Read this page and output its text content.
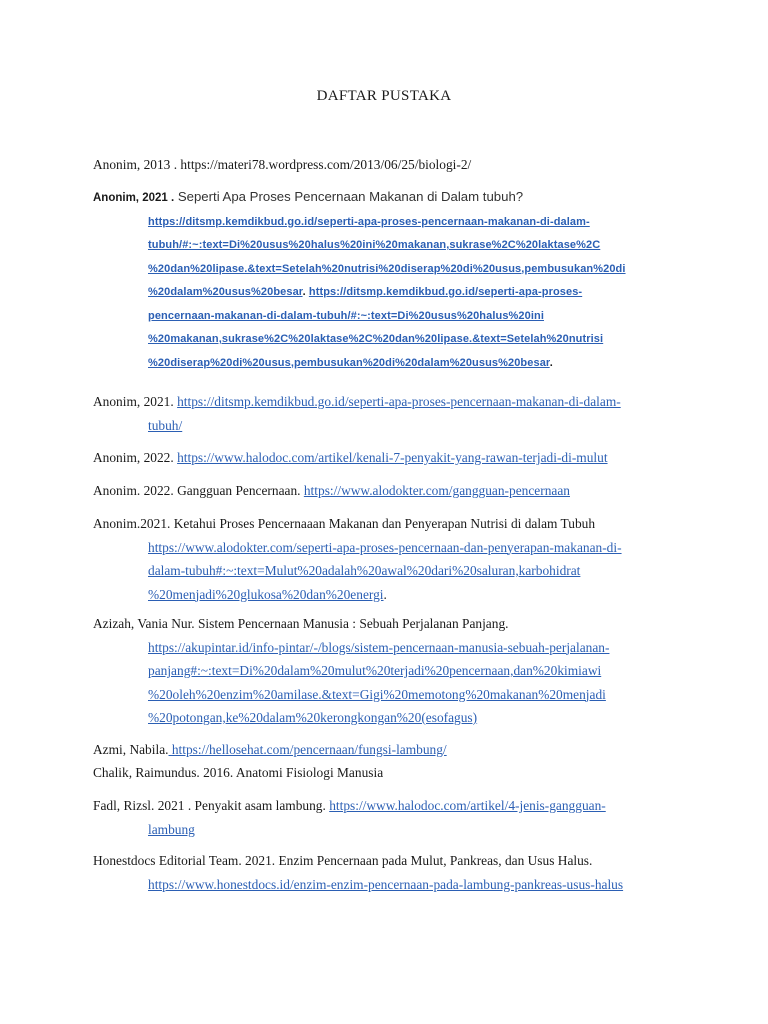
DAFTAR PUSTAKA
Anonim, 2013 . https://materi78.wordpress.com/2013/06/25/biologi-2/
Anonim, 2021 . Seperti Apa Proses Pencernaan Makanan di Dalam tubuh?
https://ditsmp.kemdikbud.go.id/seperti-apa-proses-pencernaan-makanan-di-dalam-
tubuh/#:~:text=Di%20usus%20halus%20ini%20makanan,sukrase%2C%20laktase%2C
%20dan%20lipase.&text=Setelah%20nutrisi%20diserap%20di%20usus,pembusukan%20di
%20dalam%20usus%20besar. https://ditsmp.kemdikbud.go.id/seperti-apa-proses-
pencernaan-makanan-di-dalam-tubuh/#:~:text=Di%20usus%20halus%20ini
%20makanan,sukrase%2C%20laktase%2C%20dan%20lipase.&text=Setelah%20nutrisi
%20diserap%20di%20usus,pembusukan%20di%20dalam%20usus%20besar.
Anonim, 2021. https://ditsmp.kemdikbud.go.id/seperti-apa-proses-pencernaan-makanan-di-dalam-
tubuh/
Anonim, 2022. https://www.halodoc.com/artikel/kenali-7-penyakit-yang-rawan-terjadi-di-mulut
Anonim. 2022. Gangguan Pencernaan. https://www.alodokter.com/gangguan-pencernaan
Anonim.2021. Ketahui Proses Pencernaaan Makanan dan Penyerapan Nutrisi di dalam Tubuh
https://www.alodokter.com/seperti-apa-proses-pencernaan-dan-penyerapan-makanan-di-
dalam-tubuh#:~:text=Mulut%20adalah%20awal%20dari%20saluran,karbohidrat
%20menjadi%20glukosa%20dan%20energi.
Azizah, Vania Nur. Sistem Pencernaan Manusia : Sebuah Perjalanan Panjang.
https://akupintar.id/info-pintar/-/blogs/sistem-pencernaan-manusia-sebuah-perjalanan-
panjang#:~:text=Di%20dalam%20mulut%20terjadi%20pencernaan,dan%20kimiawi
%20oleh%20enzim%20amilase.&text=Gigi%20memotong%20makanan%20menjadi
%20potongan,ke%20dalam%20kerongkongan%20(esofagus)
Azmi, Nabila. https://hellosehat.com/pencernaan/fungsi-lambung/
Chalik, Raimundus. 2016. Anatomi Fisiologi Manusia
Fadl, Rizsl. 2021 . Penyakit asam lambung. https://www.halodoc.com/artikel/4-jenis-gangguan-
lambung
Honestdocs Editorial Team. 2021. Enzim Pencernaan pada Mulut, Pankreas, dan Usus Halus.
https://www.honestdocs.id/enzim-enzim-pencernaan-pada-lambung-pankreas-usus-halus
